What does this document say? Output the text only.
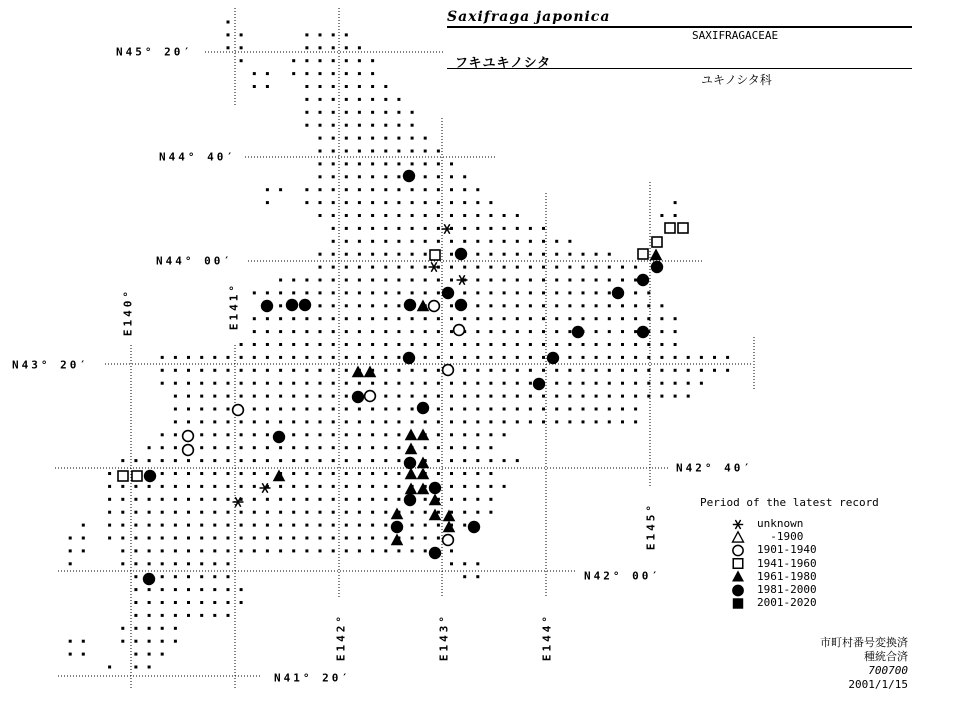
Saxifraga japonica
SAXIFRAGACEAE
フキユキノシタ
ユキノシタ科
N45° 20′
N44° 40′
N44° 00′
N43° 20′
N42° 40′
N42° 00′
N41° 20′
E140°	E141°
E142°	E143°	E144°
E145°	Period of the latest record
unknown
-1900
1901-1940
1941-1960
1961-1980
1981-2000
2001-2020
市町村番号変換済
種統合済
700700
2001/1/15
